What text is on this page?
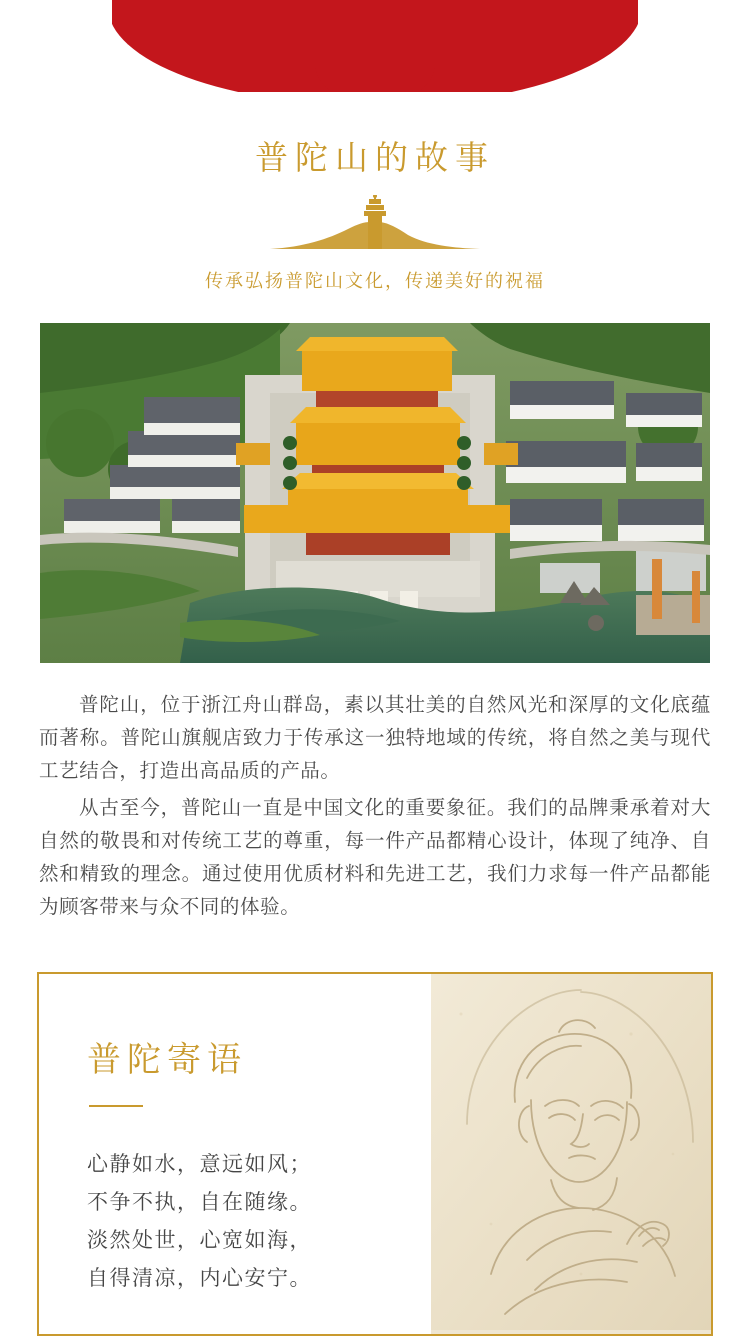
普陀山的故事
传承弘扬普陀山文化，传递美好的祝福

普陀山，位于浙江舟山群岛，素以其壮美的自然风光和深厚的文化底蕴而著称。普陀山旗舰店致力于传承这一独特地域的传统，将自然之美与现代工艺结合，打造出高品质的产品。

从古至今，普陀山一直是中国文化的重要象征。我们的品牌秉承着对大自然的敬畏和对传统工艺的尊重，每一件产品都精心设计，体现了纯净、自然和精致的理念。通过使用优质材料和先进工艺，我们力求每一件产品都能为顾客带来与众不同的体验。

普陀寄语
心静如水，意远如风；
不争不执，自在随缘。
淡然处世，心宽如海，
自得清凉，内心安宁。
